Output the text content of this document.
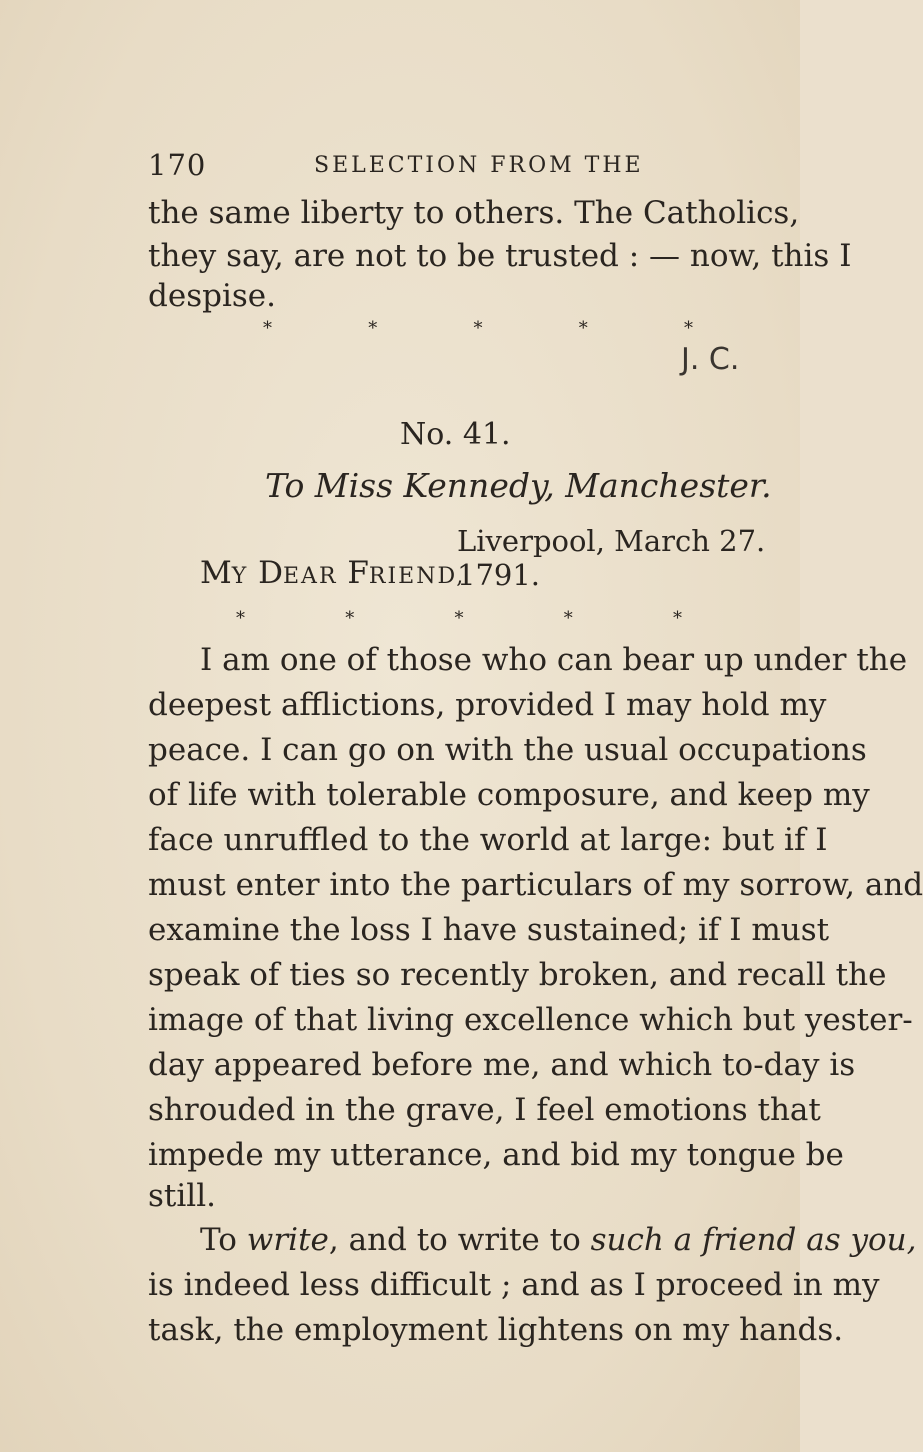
170	SELECTION FROM THE
the same liberty to others. The Catholics,
they say, are not to be trusted : — now, this I
despise.
*	*	*	*	*
J. C.
No. 41.
To Miss Kennedy, Manchester.
Liverpool, March 27. 1791.
MY DEAR FRIEND,
*	*	*	*	*
I am one of those who can bear up under the
deepest afflictions, provided I may hold my
peace. I can go on with the usual occupations
of life with tolerable composure, and keep my
face unruffled to the world at large: but if I
must enter into the particulars of my sorrow, and
examine the loss I have sustained; if I must
speak of ties so recently broken, and recall the
image of that living excellence which but yester-
day appeared before me, and which to-day is
shrouded in the grave, I feel emotions that
impede my utterance, and bid my tongue be
still.
To write, and to write to such a friend as you,
is indeed less difficult ; and as I proceed in my
task, the employment lightens on my hands.
